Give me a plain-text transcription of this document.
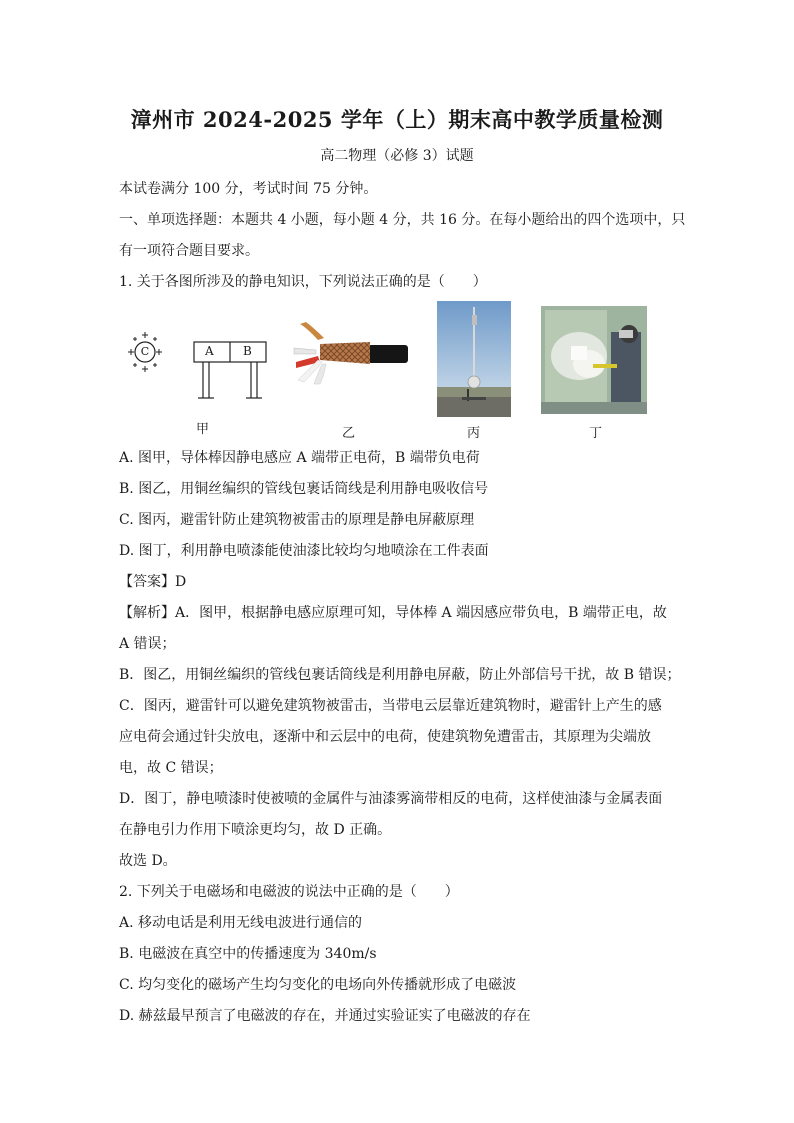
漳州市 2024-2025 学年（上）期末高中教学质量检测
高二物理（必修 3）试题
本试卷满分 100 分，考试时间 75 分钟。
一、单项选择题：本题共 4 小题，每小题 4 分，共 16 分。在每小题给出的四个选项中，只
有一项符合题目要求。
1. 关于各图所涉及的静电知识，下列说法正确的是（　　）
C	A B
甲	乙	丙	丁
A. 图甲，导体棒因静电感应 A 端带正电荷，B 端带负电荷
B. 图乙，用铜丝编织的管线包裹话筒线是利用静电吸收信号
C. 图丙，避雷针防止建筑物被雷击的原理是静电屏蔽原理
D. 图丁，利用静电喷漆能使油漆比较均匀地喷涂在工件表面
【答案】D
【解析】A．图甲，根据静电感应原理可知，导体棒 A 端因感应带负电，B 端带正电，故
A 错误；
B．图乙，用铜丝编织的管线包裹话筒线是利用静电屏蔽，防止外部信号干扰，故 B 错误；
C．图丙，避雷针可以避免建筑物被雷击，当带电云层靠近建筑物时，避雷针上产生的感
应电荷会通过针尖放电，逐渐中和云层中的电荷，使建筑物免遭雷击，其原理为尖端放
电，故 C 错误；
D．图丁，静电喷漆时使被喷的金属件与油漆雾滴带相反的电荷，这样使油漆与金属表面
在静电引力作用下喷涂更均匀，故 D 正确。
故选 D。
2. 下列关于电磁场和电磁波的说法中正确的是（　　）
A. 移动电话是利用无线电波进行通信的
B. 电磁波在真空中的传播速度为 340m/s
C. 均匀变化的磁场产生均匀变化的电场向外传播就形成了电磁波
D. 赫兹最早预言了电磁波的存在，并通过实验证实了电磁波的存在
